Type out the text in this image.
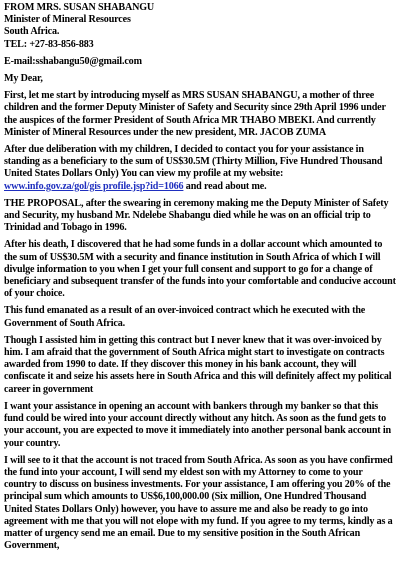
FROM MRS. SUSAN SHABANGU
Minister of Mineral Resources
South Africa.
TEL: +27-83-856-883
E-mail:sshabangu50@gmail.com
My Dear,
First, let me start by introducing myself as MRS SUSAN SHABANGU, a mother of three children and the former Deputy Minister of Safety and Security since 29th April 1996 under the auspices of the former President of South Africa MR THABO MBEKI. And currently Minister of Mineral Resources under the new president, MR. JACOB ZUMA
After due deliberation with my children, I decided to contact you for your assistance in standing as a beneficiary to the sum of US$30.5M (Thirty Million, Five Hundred Thousand United States Dollars Only) You can view my profile at my website:
www.info.gov.za/gol/gis profile.jsp?id=1066 and read about me.
THE PROPOSAL, after the swearing in ceremony making me the Deputy Minister of Safety and Security, my husband Mr. Ndelebe Shabangu died while he was on an official trip to Trinidad and Tobago in 1996.
After his death, I discovered that he had some funds in a dollar account which amounted to the sum of US$30.5M with a security and finance institution in South Africa of which I will divulge information to you when I get your full consent and support to go for a change of beneficiary and subsequent transfer of the funds into your comfortable and conducive account of your choice.
This fund emanated as a result of an over-invoiced contract which he executed with the Government of South Africa.
Though I assisted him in getting this contract but I never knew that it was over-invoiced by him. I am afraid that the government of South Africa might start to investigate on contracts awarded from 1990 to date. If they discover this money in his bank account, they will confiscate it and seize his assets here in South Africa and this will definitely affect my political career in government
I want your assistance in opening an account with bankers through my banker so that this fund could be wired into your account directly without any hitch. As soon as the fund gets to your account, you are expected to move it immediately into another personal bank account in your country.
I will see to it that the account is not traced from South Africa. As soon as you have confirmed the fund into your account, I will send my eldest son with my Attorney to come to your country to discuss on business investments. For your assistance, I am offering you 20% of the principal sum which amounts to US$6,100,000.00 (Six million, One Hundred Thousand United States Dollars Only) however, you have to assure me and also be ready to go into agreement with me that you will not elope with my fund. If you agree to my terms, kindly as a matter of urgency send me an email. Due to my sensitive position in the South African Government,
